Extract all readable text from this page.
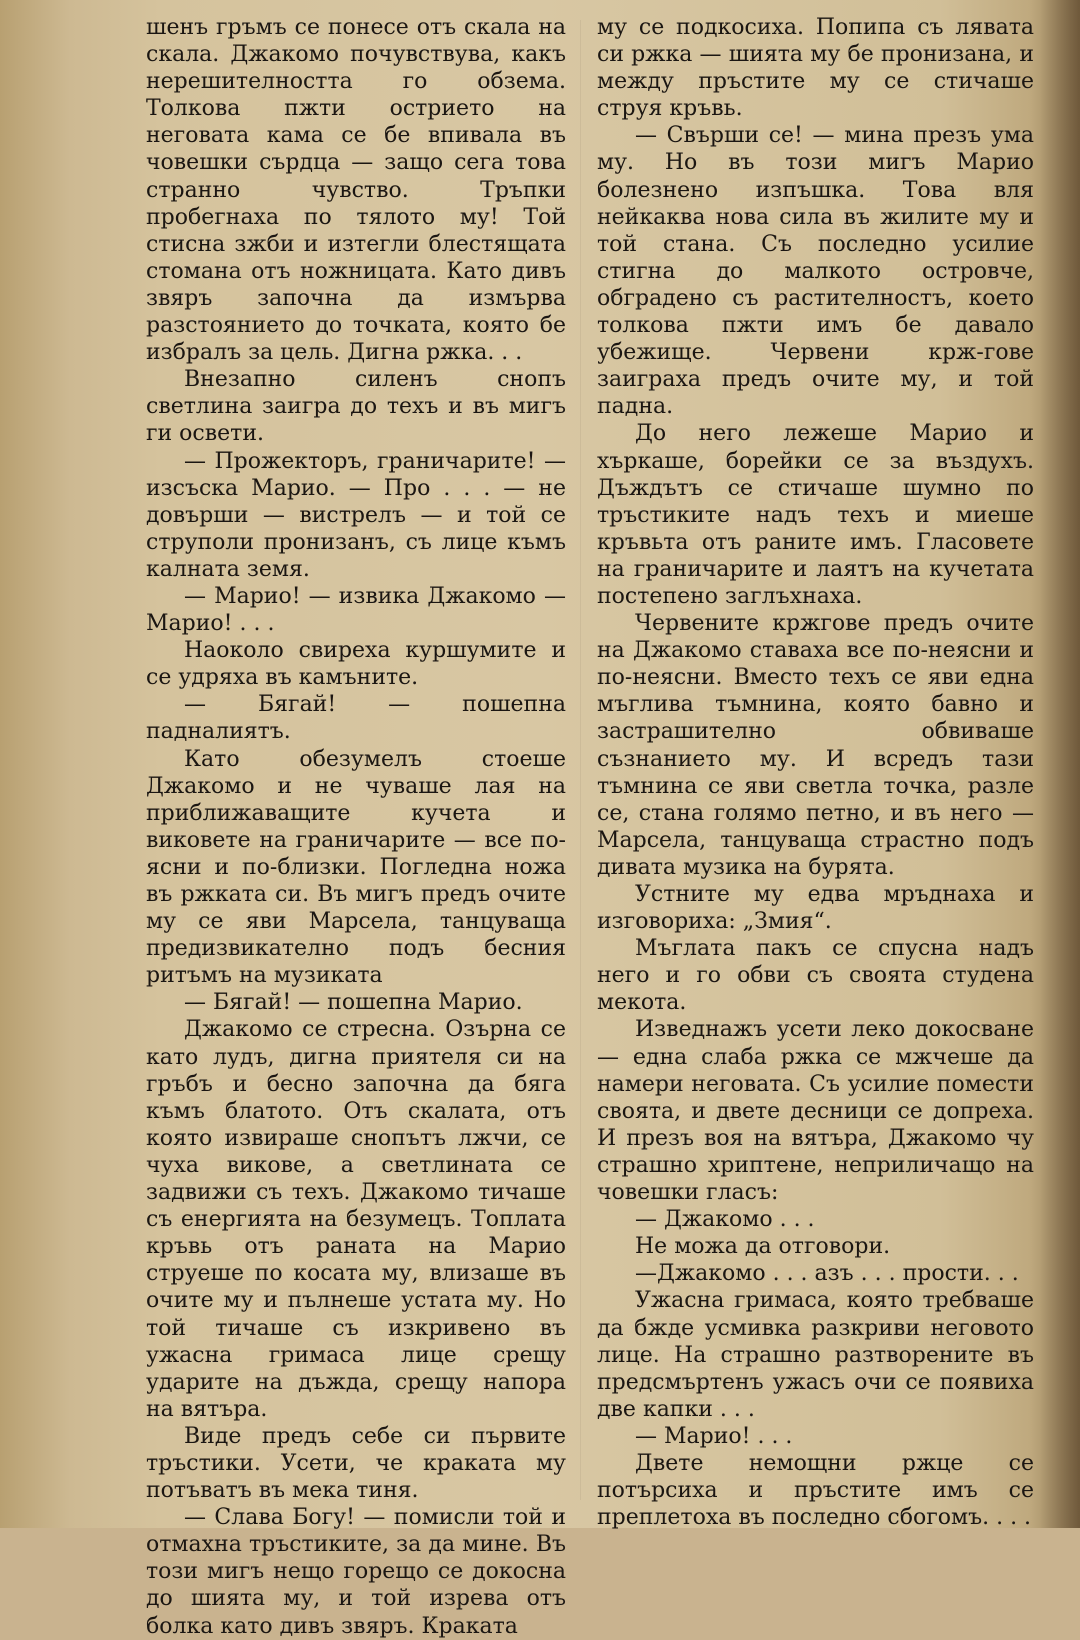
шенъ гръмъ се понесе отъ скала на скала. Джакомо почувствува, какъ нерешителността го обзема. Толкова пжти острието на неговата кама се бе впивала въ човешки сърдца — защо сега това странно чувство. Тръпки пробегнаха по тялото му! Той стисна зжби и изтегли блестящата стомана отъ ножницата. Като дивъ звяръ започна да измърва разстоянието до точката, която бе избралъ за цель. Дигна ржка. . .

Внезапно силенъ снопъ светлина заигра до техъ и въ мигъ ги освети.

— Прожекторъ, граничарите! — изсъска Марио. — Про . . . — не довърши — вистрелъ — и той се струполи пронизанъ, съ лице къмъ калната земя.

— Марио! — извика Джакомо — Марио! . . .

Наоколо свиреха куршумите и се удряха въ камъните.

— Бягай! — пошепна падналиятъ.

Като обезумелъ стоеше Джакомо и не чуваше лая на приближаващите кучета и виковете на граничарите — все по-ясни и по-близки. Погледна ножа въ ржката си. Въ мигъ предъ очите му се яви Марсела, танцуваща предизвикателно подъ бесния ритъмъ на музиката

— Бягай! — пошепна Марио.

Джакомо се стресна. Озърна се като лудъ, дигна приятеля си на гръбъ и бесно започна да бяга къмъ блатото. Отъ скалата, отъ която извираше снопътъ лжчи, се чуха викове, а светлината се задвижи съ техъ. Джакомо тичаше съ енергията на безумецъ. Топлата кръвь отъ раната на Марио струеше по косата му, влизаше въ очите му и пълнеше устата му. Но той тичаше съ изкривено въ ужасна гримаса лице срещу ударите на дъжда, срещу напора на вятъра.

Виде предъ себе си първите тръстики. Усети, че краката му потъватъ въ мека тиня.

— Слава Богу! — помисли той и отмахна тръстиките, за да мине. Въ този мигъ нещо горещо се докосна до шията му, и той изрева отъ болка като дивъ звяръ. Краката

му се подкосиха. Попипа съ лявата си ржка — шията му бе пронизана, и между пръстите му се стичаше струя кръвь.

— Свърши се! — мина презъ ума му. Но въ този мигъ Марио болезнено изпъшка. Това вля нейкаква нова сила въ жилите му и той стана. Съ последно усилие стигна до малкото островче, обградено съ растителностъ, което толкова пжти имъ бе давало убежище. Червени крж-гове заиграха предъ очите му, и той падна.

До него лежеше Марио и хъркаше, борейки се за въздухъ. Дъждътъ се стичаше шумно по тръстиките надъ техъ и миеше кръвьта отъ раните имъ. Гласовете на граничарите и лаятъ на кучетата постепено заглъхнаха.

Червените кржгове предъ очите на Джакомо ставаха все по-неясни и по-неясни. Вместо техъ се яви една мъглива тъмнина, която бавно и застрашително обвиваше съзнанието му. И всредъ тази тъмнина се яви светла точка, разле се, стана голямо петно, и въ него — Марсела, танцуваща страстно подъ дивата музика на бурята.

Устните му едва мръднаха и изговориха: „Змия“.

Мъглата пакъ се спусна надъ него и го обви съ своята студена мекота.

Изведнажъ усети леко докосване — една слаба ржка се мжчеше да намери неговата. Съ усилие помести своята, и двете десници се допреха. И презъ воя на вятъра, Джакомо чу страшно хриптене, неприличащо на човешки гласъ:

— Джакомо . . .

Не можа да отговори.

—Джакомо . . . азъ . . . прости. . .

Ужасна гримаса, която требваше да бжде усмивка разкриви неговото лице. На страшно разтворените въ предсмъртенъ ужасъ очи се появиха две капки . . .

— Марио! . . .

Двете немощни ржце се потърсиха и пръстите имъ се преплетоха въ последно сбогомъ. . . .
